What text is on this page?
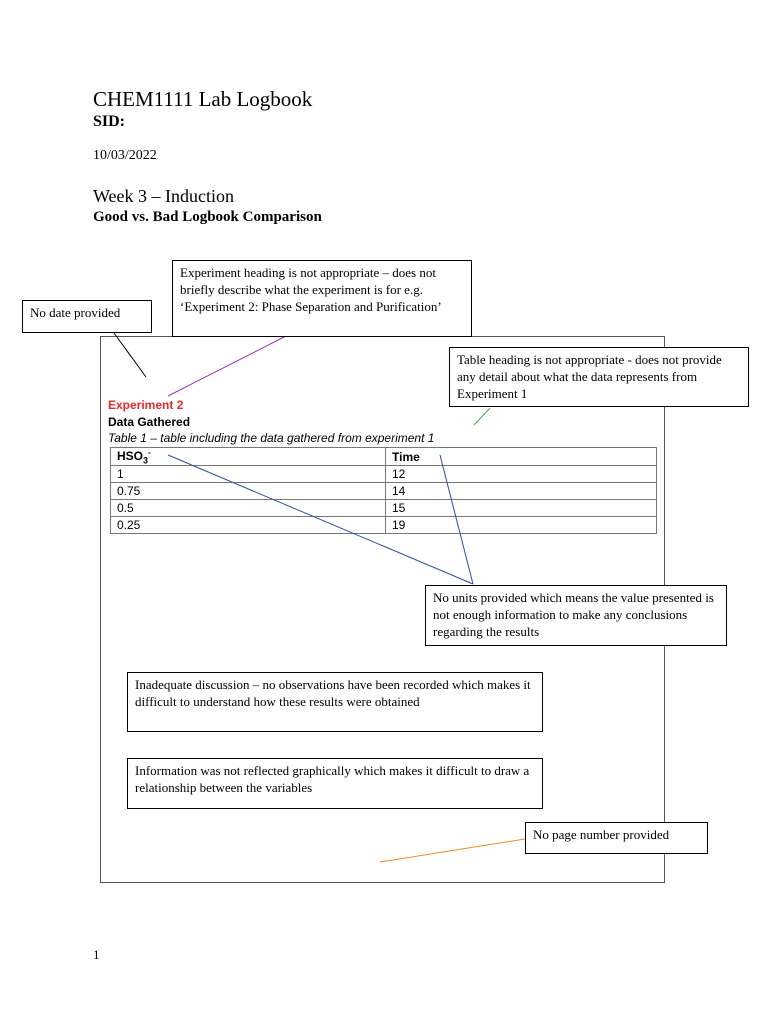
CHEM1111 Lab Logbook
SID:
10/03/2022
Week 3 – Induction
Good vs. Bad Logbook Comparison
Experiment 2
Data Gathered
Table 1 – table including the data gathered from experiment 1
$HSO_3^-$	Time
1	12
0.75	14
0.5	15
0.25	19
No date provided
Experiment heading is not appropriate – does not briefly describe what the experiment is for e.g. ‘Experiment 2: Phase Separation and Purification’
Table heading is not appropriate - does not provide any detail about what the data represents from Experiment 1
No units provided which means the value presented is not enough information to make any conclusions regarding the results
Inadequate discussion – no observations have been recorded which makes it difficult to understand how these results were obtained
Information was not reflected graphically which makes it difficult to draw a relationship between the variables
No page number provided
1
